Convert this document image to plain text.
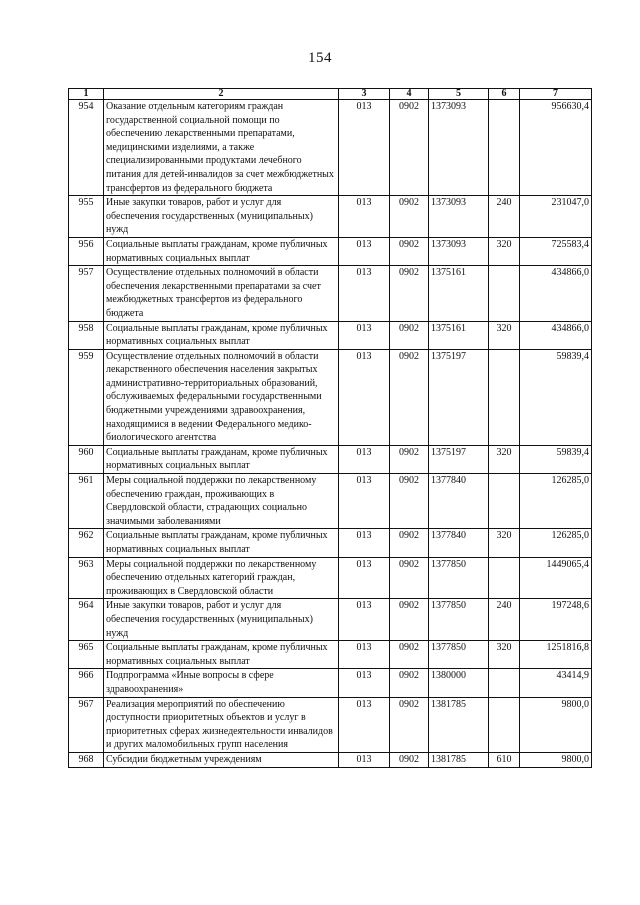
154
1	2	3	4	5	6	7
954	Оказание отдельным категориям граждан государственной социальной помощи по обеспечению лекарственными препаратами, медицинскими изделиями, а также специализированными продуктами лечебного питания для детей-инвалидов за счет межбюджетных трансфертов из федерального бюджета	013	0902	1373093		956630,4
955	Иные закупки товаров, работ и услуг для обеспечения государственных (муниципальных) нужд	013	0902	1373093	240	231047,0
956	Социальные выплаты гражданам, кроме публичных нормативных социальных выплат	013	0902	1373093	320	725583,4
957	Осуществление отдельных полномочий в области обеспечения лекарственными препаратами за счет межбюджетных трансфертов из федерального бюджета	013	0902	1375161		434866,0
958	Социальные выплаты гражданам, кроме публичных нормативных социальных выплат	013	0902	1375161	320	434866,0
959	Осуществление отдельных полномочий в области лекарственного обеспечения населения закрытых административно-территориальных образований, обслуживаемых федеральными государственными бюджетными учреждениями здравоохранения, находящимися в ведении Федерального медико-биологического агентства	013	0902	1375197		59839,4
960	Социальные выплаты гражданам, кроме публичных нормативных социальных выплат	013	0902	1375197	320	59839,4
961	Меры социальной поддержки по лекарственному обеспечению граждан, проживающих в Свердловской области, страдающих социально значимыми заболеваниями	013	0902	1377840		126285,0
962	Социальные выплаты гражданам, кроме публичных нормативных социальных выплат	013	0902	1377840	320	126285,0
963	Меры социальной поддержки по лекарственному обеспечению отдельных категорий граждан, проживающих в Свердловской области	013	0902	1377850		1449065,4
964	Иные закупки товаров, работ и услуг для обеспечения государственных (муниципальных) нужд	013	0902	1377850	240	197248,6
965	Социальные выплаты гражданам, кроме публичных нормативных социальных выплат	013	0902	1377850	320	1251816,8
966	Подпрограмма «Иные вопросы в сфере здравоохранения»	013	0902	1380000		43414,9
967	Реализация мероприятий по обеспечению доступности приоритетных объектов и услуг в приоритетных сферах жизнедеятельности инвалидов и других маломобильных групп населения	013	0902	1381785		9800,0
968	Субсидии бюджетным учреждениям	013	0902	1381785	610	9800,0
